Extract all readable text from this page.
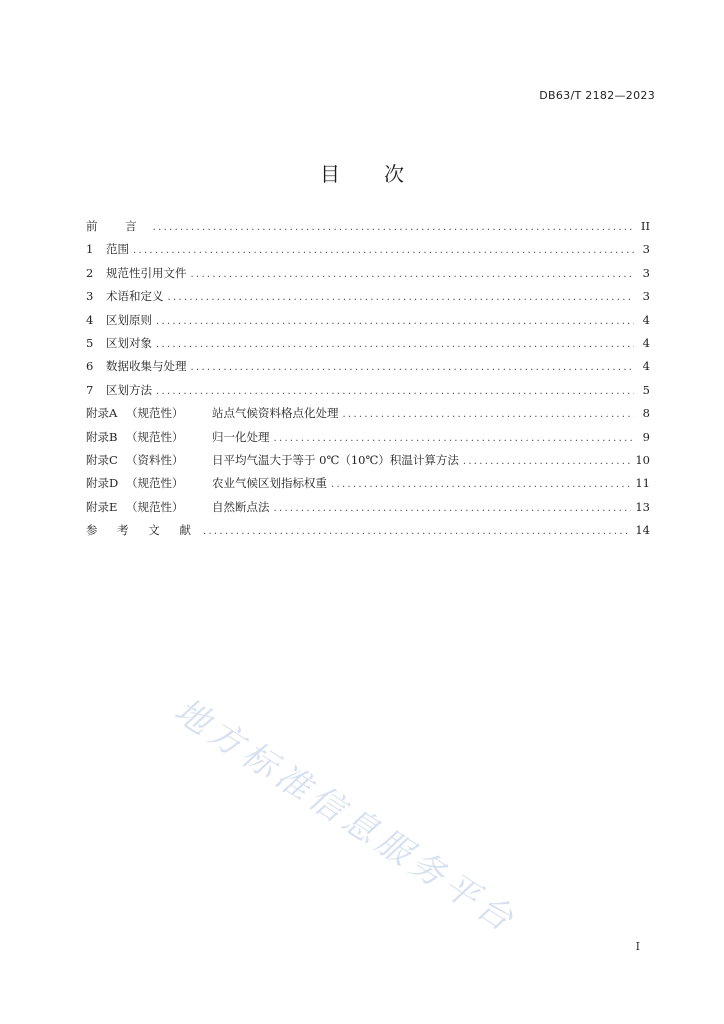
DB63/T 2182—2023
目 次
前 言 .....	II
1	范围 .....	3
2	规范性引用文件 .....	3
3	术语和定义 .....	3
4	区划原则 .....	4
5	区划对象 .....	4
6	数据收集与处理 .....	4
7	区划方法 .....	5
附录A （规范性）	站点气候资料格点化处理 .....	8
附录B （规范性）	归一化处理 .....	9
附录C （资料性）	日平均气温大于等于 0℃（10℃）积温计算方法 .....	10
附录D （规范性）	农业气候区划指标权重 .....	11
附录E （规范性）	自然断点法 .....	13
参 考 文 献 .....	14
地方标准信息服务平台
I
